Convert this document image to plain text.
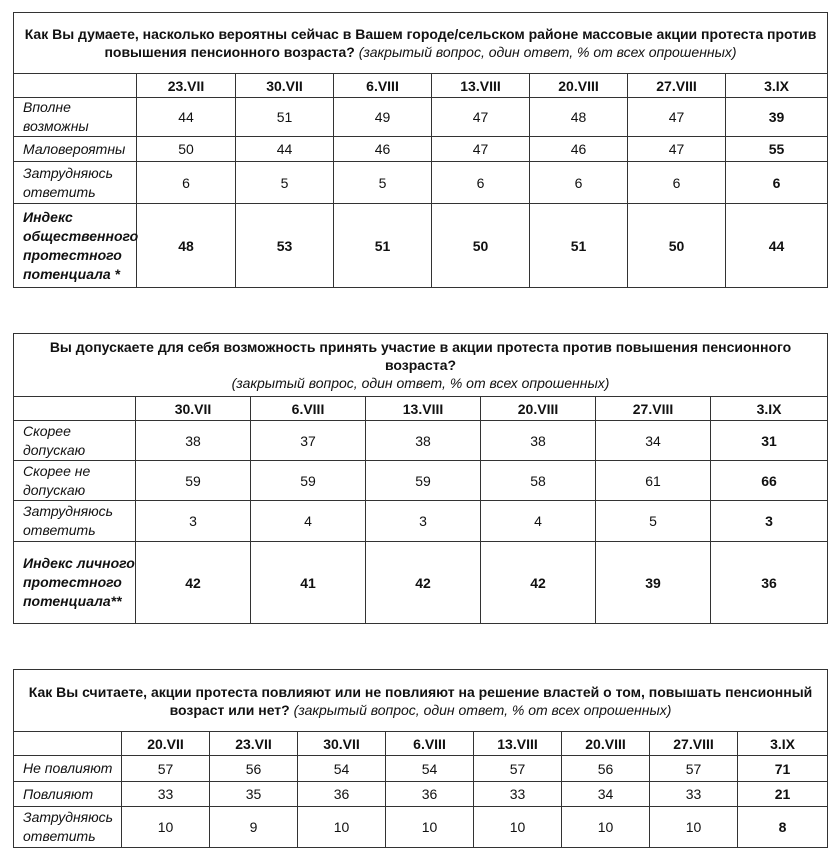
Как Вы думаете, насколько вероятны сейчас в Вашем городе/сельском районе массовые акции протеста против повышения пенсионного возраста? (закрытый вопрос, один ответ, % от всех опрошенных)							
	23.VII	30.VII	6.VIII	13.VIII	20.VIII	27.VIII	3.IX
Вполне возможны	44	51	49	47	48	47	39
Маловероятны	50	44	46	47	46	47	55
Затрудняюсь ответить	6	5	5	6	6	6	6
Индекс общественного протестного потенциала *	48	53	51	50	51	50	44
Вы допускаете для себя возможность принять участие в акции протеста против повышения пенсионного возраста?
(закрытый вопрос, один ответ, % от всех опрошенных)						
	30.VII	6.VIII	13.VIII	20.VIII	27.VIII	3.IX
Скорее допускаю	38	37	38	38	34	31
Скорее не допускаю	59	59	59	58	61	66
Затрудняюсь ответить	3	4	3	4	5	3
Индекс личного протестного потенциала**	42	41	42	42	39	36
Как Вы считаете, акции протеста повлияют или не повлияют на решение властей о том, повышать пенсионный возраст или нет? (закрытый вопрос, один ответ, % от всех опрошенных)								
	20.VII	23.VII	30.VII	6.VIII	13.VIII	20.VIII	27.VIII	3.IX
Не повлияют	57	56	54	54	57	56	57	71
Повлияют	33	35	36	36	33	34	33	21
Затрудняюсь ответить	10	9	10	10	10	10	10	8
